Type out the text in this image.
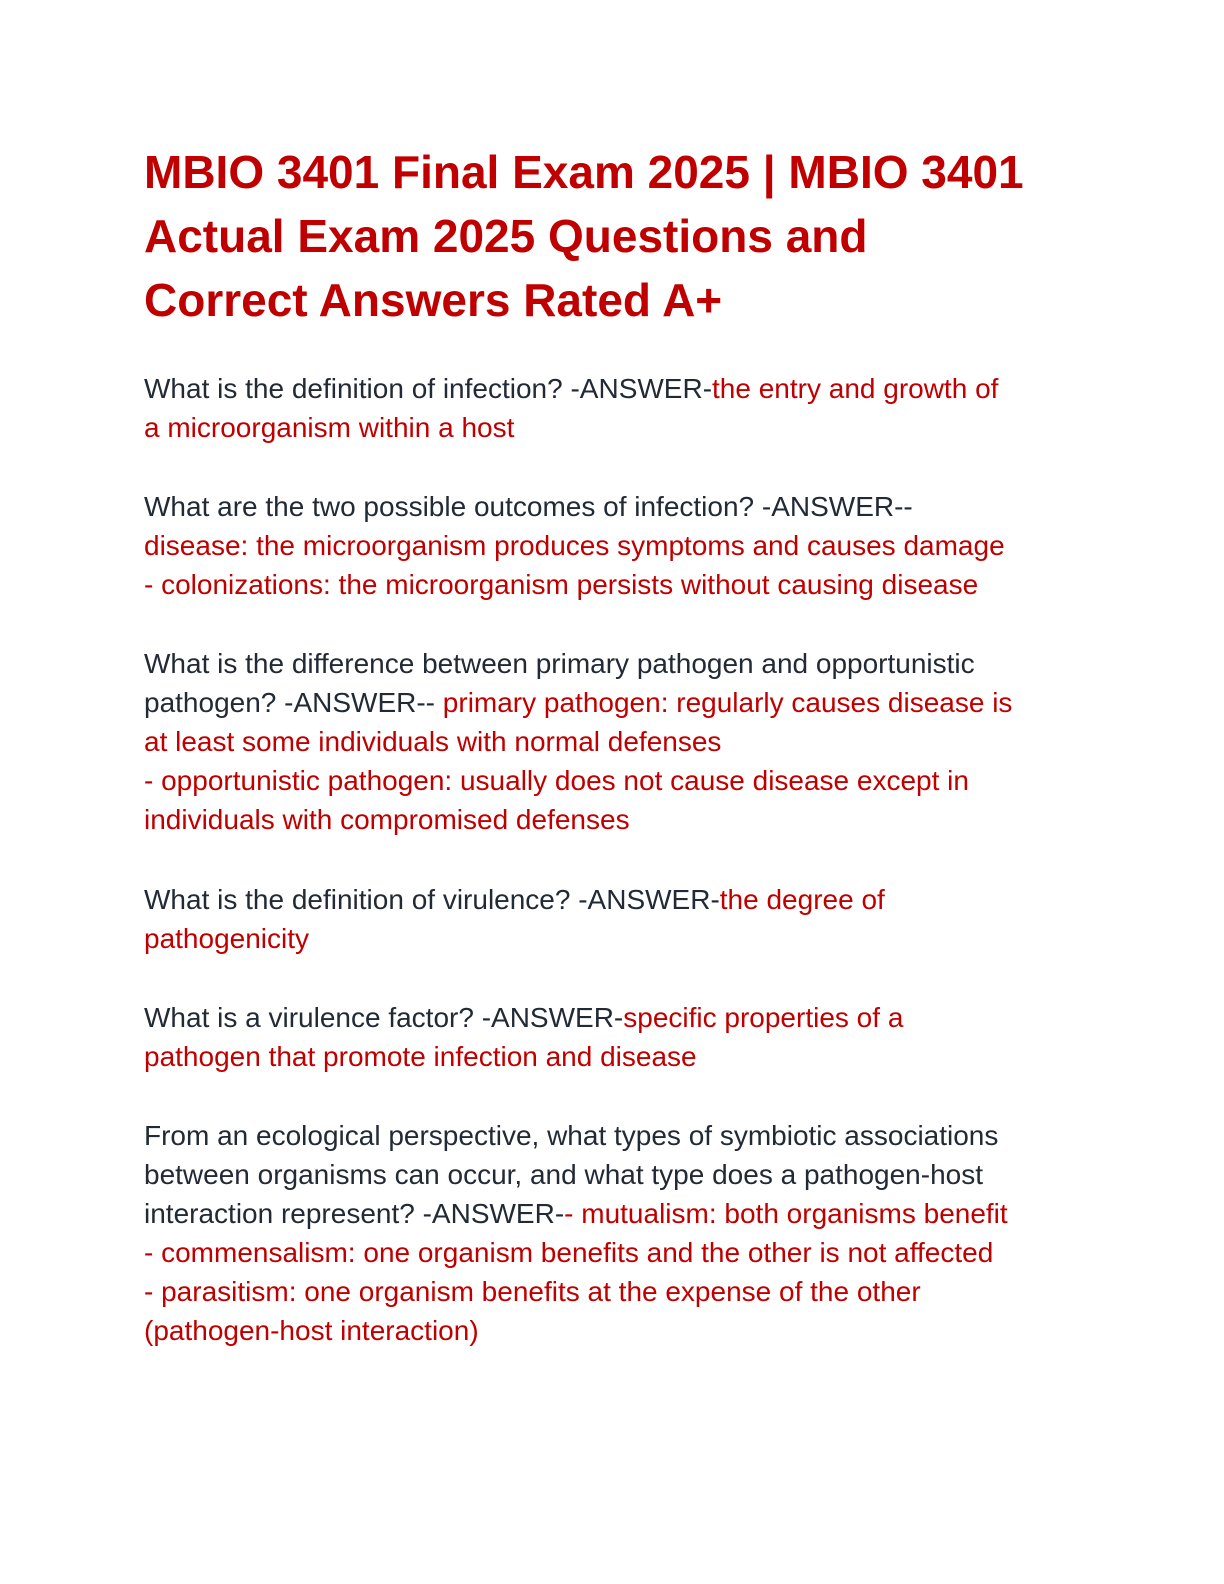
MBIO 3401 Final Exam 2025 | MBIO 3401
Actual Exam 2025 Questions and
Correct Answers Rated A+
What is the definition of infection? -ANSWER-the entry and growth of
a microorganism within a host
What are the two possible outcomes of infection? -ANSWER--
disease: the microorganism produces symptoms and causes damage
- colonizations: the microorganism persists without causing disease
What is the difference between primary pathogen and opportunistic
pathogen? -ANSWER-- primary pathogen: regularly causes disease is
at least some individuals with normal defenses
- opportunistic pathogen: usually does not cause disease except in
individuals with compromised defenses
What is the definition of virulence? -ANSWER-the degree of
pathogenicity
What is a virulence factor? -ANSWER-specific properties of a
pathogen that promote infection and disease
From an ecological perspective, what types of symbiotic associations
between organisms can occur, and what type does a pathogen-host
interaction represent? -ANSWER-- mutualism: both organisms benefit
- commensalism: one organism benefits and the other is not affected
- parasitism: one organism benefits at the expense of the other
(pathogen-host interaction)
